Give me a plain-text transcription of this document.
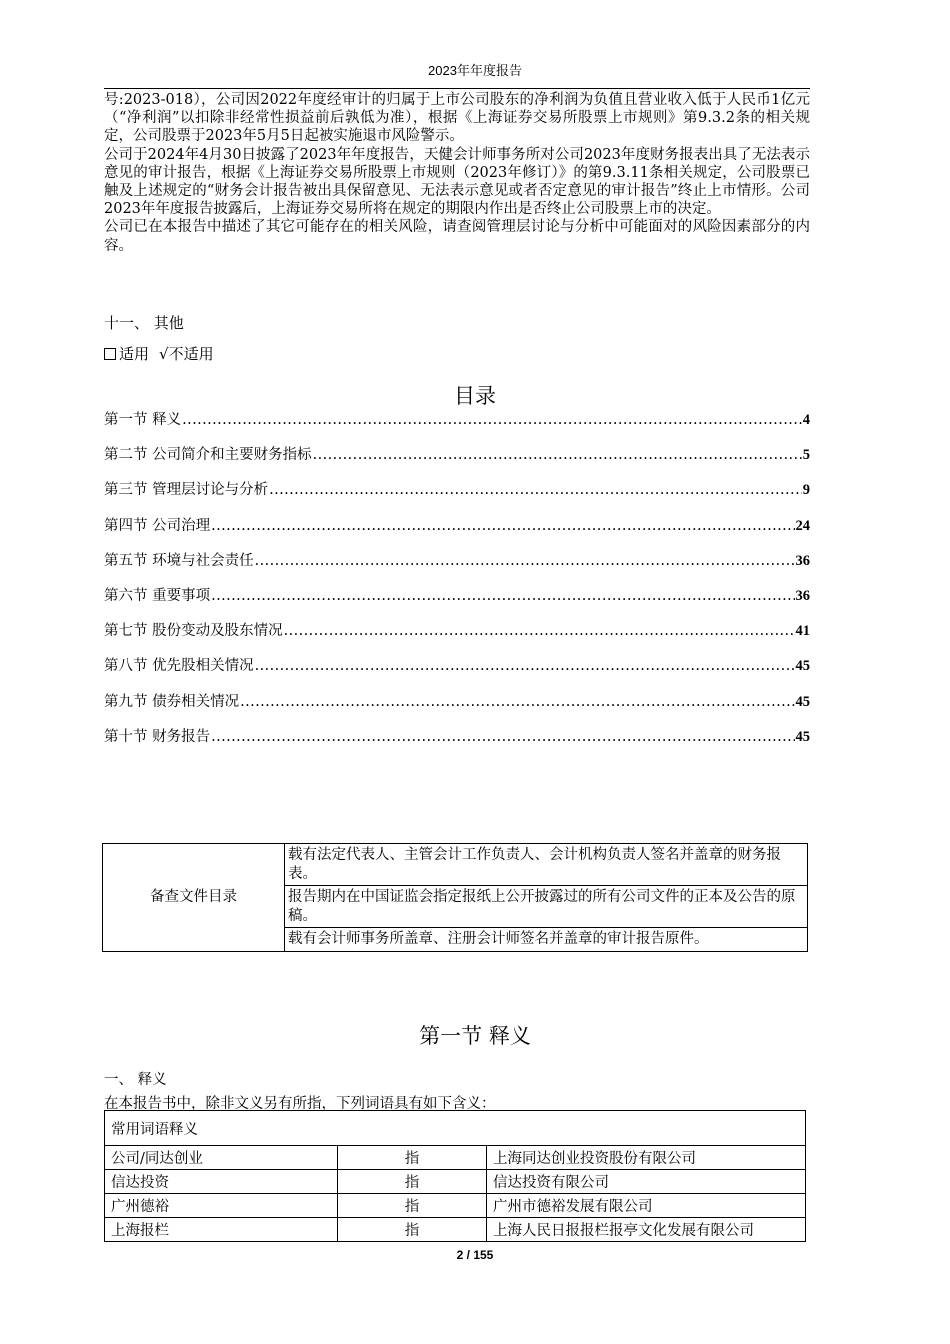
2023年年度报告

号:2023-018），公司因2022年度经审计的归属于上市公司股东的净利润为负值且营业收入低于人民币1亿元（“净利润”以扣除非经常性损益前后孰低为准），根据《上海证券交易所股票上市规则》第9.3.2条的相关规定，公司股票于2023年5月5日起被实施退市风险警示。

公司于2024年4月30日披露了2023年年度报告，天健会计师事务所对公司2023年度财务报表出具了无法表示意见的审计报告，根据《上海证券交易所股票上市规则（2023年修订）》的第9.3.11条相关规定，公司股票已触及上述规定的“财务会计报告被出具保留意见、无法表示意见或者否定意见的审计报告”终止上市情形。公司2023年年度报告披露后，上海证券交易所将在规定的期限内作出是否终止公司股票上市的决定。

公司已在本报告中描述了其它可能存在的相关风险，请查阅管理层讨论与分析中可能面对的风险因素部分的内容。

十一、 其他
适用 √不适用
目录
第一节 释义 .....	4
第二节 公司简介和主要财务指标 .....	5
第三节 管理层讨论与分析 .....	9
第四节 公司治理 .....	24
第五节 环境与社会责任 .....	36
第六节 重要事项 .....	36
第七节 股份变动及股东情况 .....	41
第八节 优先股相关情况 .....	45
第九节 债券相关情况 .....	45
第十节 财务报告 .....	45
备查文件目录	载有法定代表人、主管会计工作负责人、会计机构负责人签名并盖章的财务报表。
报告期内在中国证监会指定报纸上公开披露过的所有公司文件的正本及公告的原稿。
载有会计师事务所盖章、注册会计师签名并盖章的审计报告原件。
第一节 释义
一、 释义
在本报告书中，除非文义另有所指，下列词语具有如下含义：
常用词语释义		
公司/同达创业	指	上海同达创业投资股份有限公司
信达投资	指	信达投资有限公司
广州德裕	指	广州市德裕发展有限公司
上海报栏	指	上海人民日报报栏报亭文化发展有限公司
2 / 155
